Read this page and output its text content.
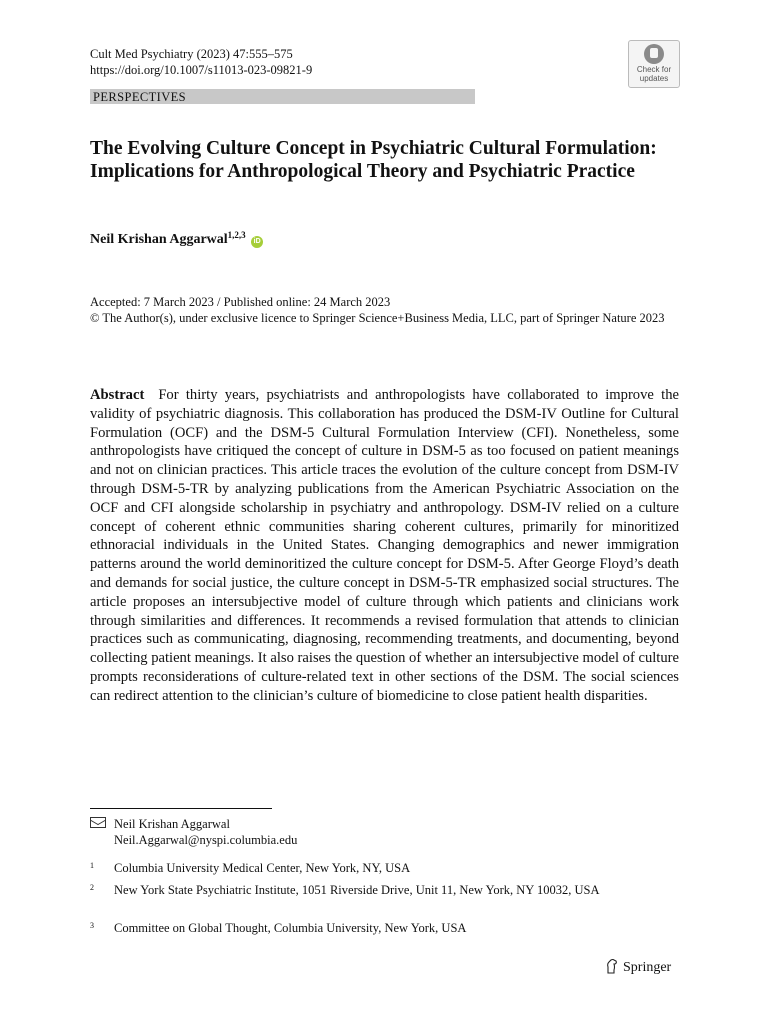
Cult Med Psychiatry (2023) 47:555–575
https://doi.org/10.1007/s11013-023-09821-9	Check for
updates
PERSPECTIVES
The Evolving Culture Concept in Psychiatric Cultural Formulation: Implications for Anthropological Theory and Psychiatric Practice
Neil Krishan Aggarwal$^{1,2,3}$ iD
Accepted: 7 March 2023 / Published online: 24 March 2023
© The Author(s), under exclusive licence to Springer Science+Business Media, LLC, part of Springer Nature 2023
Abstract For thirty years, psychiatrists and anthropologists have collaborated to improve the validity of psychiatric diagnosis. This collaboration has produced the DSM-IV Outline for Cultural Formulation (OCF) and the DSM-5 Cultural Formulation Interview (CFI). Nonetheless, some anthropologists have critiqued the concept of culture in DSM-5 as too focused on patient meanings and not on clinician practices. This article traces the evolution of the culture concept from DSM-IV through DSM-5-TR by analyzing publications from the American Psychiatric Association on the OCF and CFI alongside scholarship in psychiatry and anthropology. DSM-IV relied on a culture concept of coherent ethnic communities sharing coherent cultures, primarily for minoritized ethnoracial individuals in the United States. Changing demographics and newer immigration patterns around the world deminoritized the culture concept for DSM-5. After George Floyd’s death and demands for social justice, the culture concept in DSM-5-TR emphasized social structures. The article proposes an intersubjective model of culture through which patients and clinicians work through similarities and differences. It recommends a revised formulation that attends to clinician practices such as communicating, diagnosing, recommending treatments, and documenting, beyond collecting patient meanings. It also raises the question of whether an intersubjective model of culture prompts reconsiderations of culture-related text in other sections of the DSM. The social sciences can redirect attention to the clinician’s culture of biomedicine to close patient health disparities.
Neil Krishan Aggarwal
Neil.Aggarwal@nyspi.columbia.edu
1	Columbia University Medical Center, New York, NY, USA
2	New York State Psychiatric Institute, 1051 Riverside Drive, Unit 11, New York, NY 10032, USA
3	Committee on Global Thought, Columbia University, New York, USA
Springer
